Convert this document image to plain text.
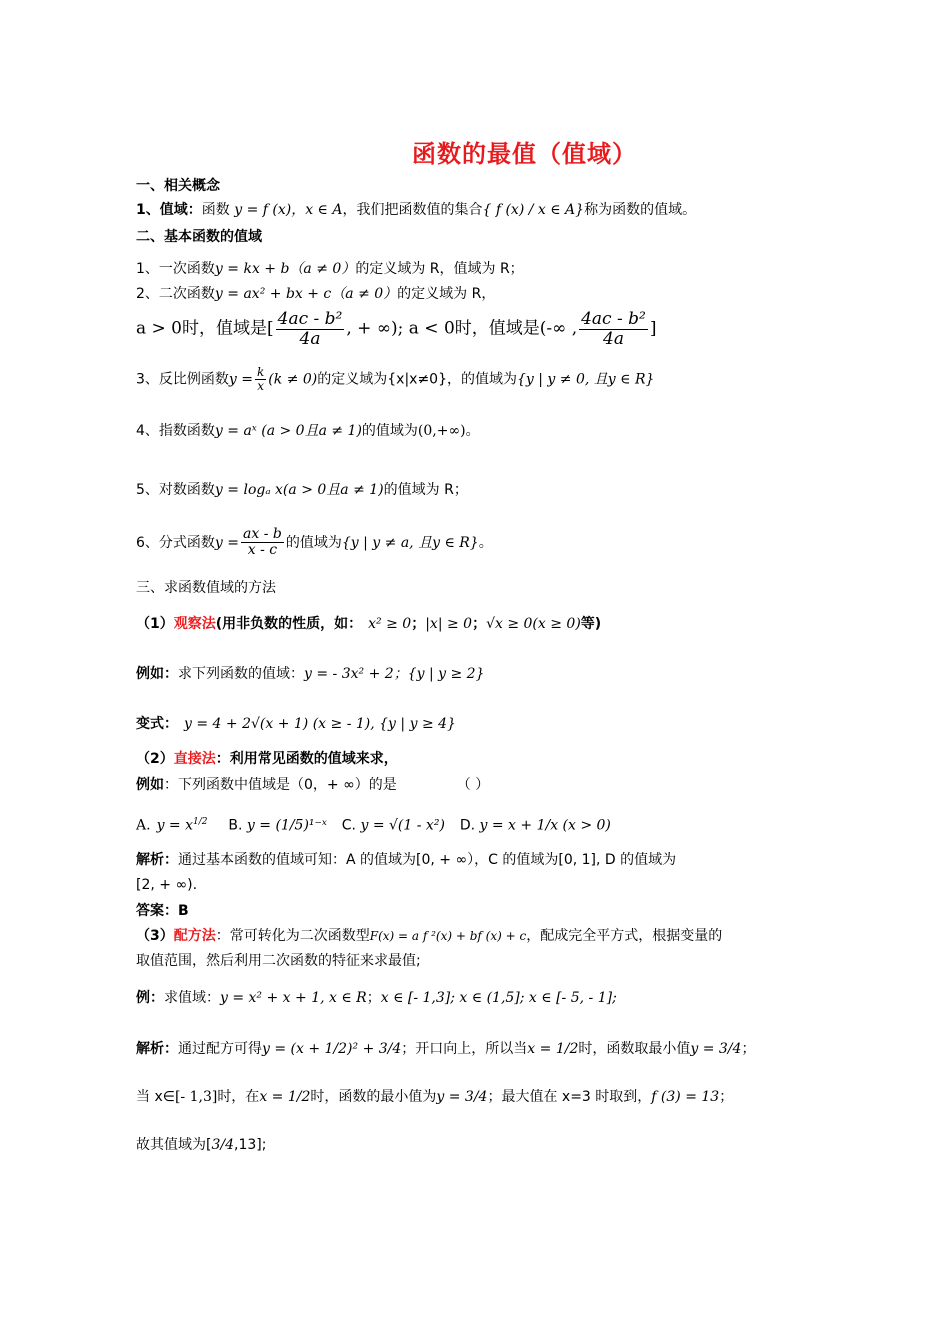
函数的最值（值域）
一、相关概念
1、值域：函数 y = f (x)，x ∈ A，我们把函数值的集合{ f (x) / x ∈ A}称为函数的值域。
二、基本函数的值域
1、一次函数y = kx + b（a ≠ 0）的定义域为 R，值域为 R；
2、二次函数y = ax² + bx + c（a ≠ 0）的定义域为 R，
a > 0时，值域是[ $\frac{\text{4ac - b²}}{4a}$ , + ∞); a < 0时，值域是(-∞ , $\frac{\text{4ac - b²}}{4a}$ ]
3、反比例函数$y = \frac{k}{x} (k \ne 0)$的定义域为{x|x≠0}，的值域为{y | y ≠ 0, 且y ∈ R}
4、指数函数y = aˣ (a > 0且a ≠ 1)的值域为(0,+∞)。
5、对数函数y = logₐ x(a > 0且a ≠ 1)的值域为 R；
6、分式函数$y = \frac{ax - b}{x - c}$ 的值域为{y | y ≠ a, 且y ∈ R}。
三、求函数值域的方法
（1）观察法(用非负数的性质，如： x² ≥ 0；|x| ≥ 0；√x ≥ 0(x ≥ 0)等)
例如：求下列函数的值域：y = - 3x² + 2；{y | y ≥ 2}
变式： y = 4 + 2√(x + 1) (x ≥ - 1), {y | y ≥ 4}
（2）直接法：利用常见函数的值域来求，
例如：下列函数中值域是（0，+ ∞）的是	（ ）
A. $y = x^{1/2}$ B. y = (1/5)¹⁻ˣ C. y = √(1 - x²) D. y = x + 1/x (x > 0)
解析：通过基本函数的值域可知：A 的值域为[0, + ∞），C 的值域为[0, 1], D 的值域为
[2, + ∞).
答案：B
（3）配方法：常可转化为二次函数型F(x) = a f ²(x) + bf (x) + c，配成完全平方式，根据变量的
取值范围，然后利用二次函数的特征来求最值;
例：求值域：y = x² + x + 1, x ∈ R；x ∈ [- 1,3]; x ∈ (1,5]; x ∈ [- 5, - 1];
解析：通过配方可得y = (x + 1/2)² + 3/4；开口向上，所以当x = 1/2时，函数取最小值y = 3/4；
当 x∈[- 1,3]时，在x = 1/2时，函数的最小值为y = 3/4；最大值在 x=3 时取到，f (3) = 13；
故其值域为[3/4,13];
